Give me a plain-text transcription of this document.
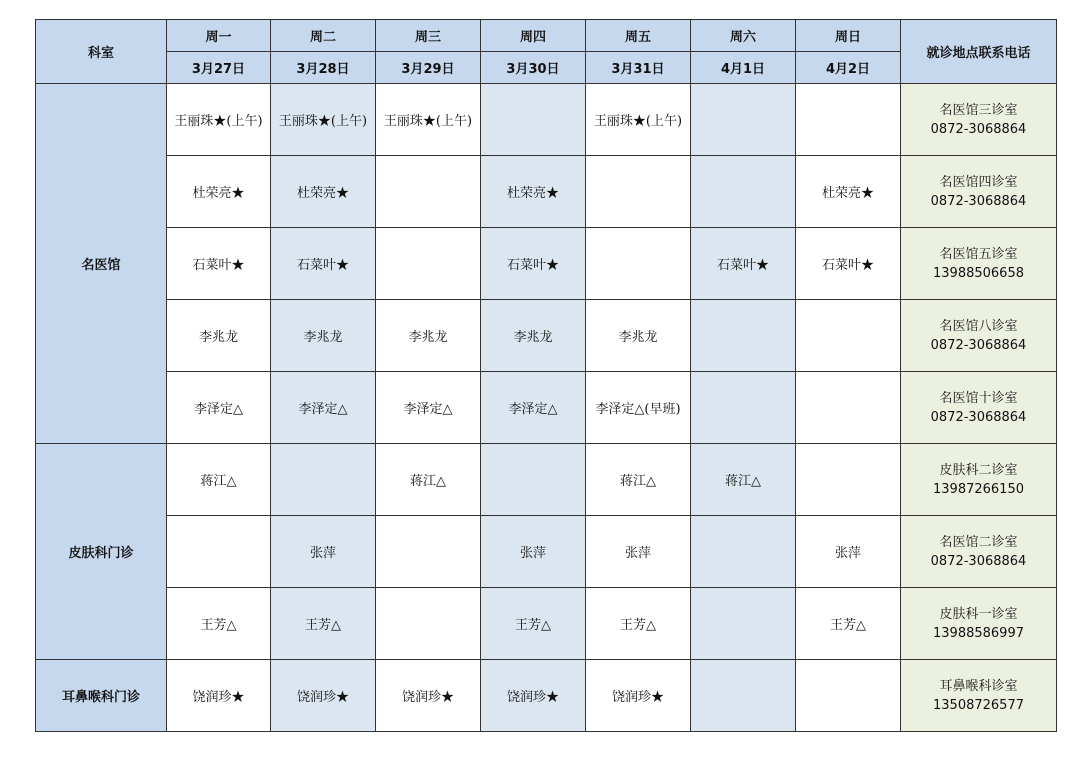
科室	周一	周二	周三	周四	周五	周六	周日	就诊地点联系电话
	3月27日	3月28日	3月29日	3月30日	3月31日	4月1日	4月2日	
名医馆	王丽珠★(上午)	王丽珠★(上午)	王丽珠★(上午)		王丽珠★(上午)			名医馆三诊室
0872-3068864

	杜荣亮★	杜荣亮★		杜荣亮★			杜荣亮★	名医馆四诊室
0872-3068864

	石菜叶★	石菜叶★		石菜叶★		石菜叶★	石菜叶★	名医馆五诊室
13988506658

	李兆龙	李兆龙	李兆龙	李兆龙	李兆龙			名医馆八诊室
0872-3068864

	李泽定△	李泽定△	李泽定△	李泽定△	李泽定△(早班)			名医馆十诊室
0872-3068864

皮肤科门诊	蒋江△		蒋江△		蒋江△	蒋江△		皮肤科二诊室
13987266150

		张萍		张萍	张萍		张萍	名医馆二诊室
0872-3068864

	王芳△	王芳△		王芳△	王芳△		王芳△	皮肤科一诊室
13988586997

耳鼻喉科门诊	饶润珍★	饶润珍★	饶润珍★	饶润珍★	饶润珍★			耳鼻喉科诊室
13508726577
